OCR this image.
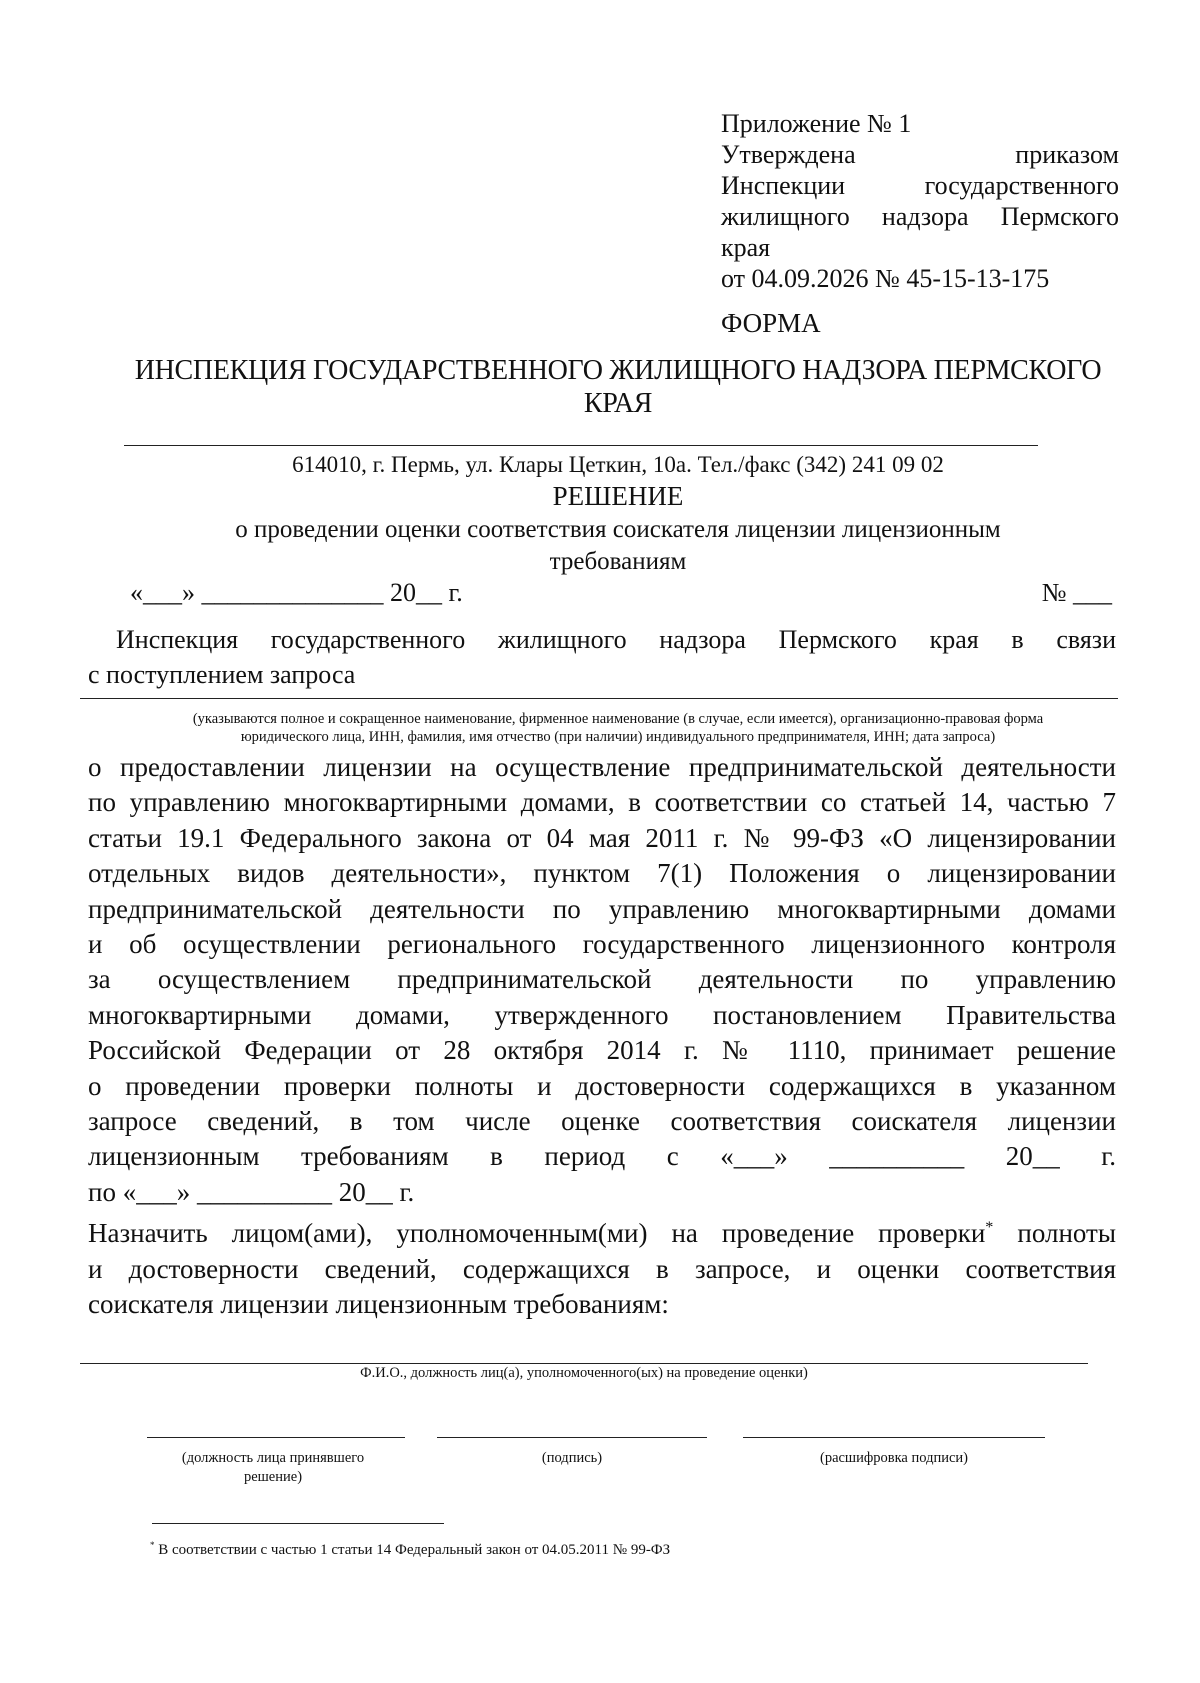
Приложение № 1
Утверждена приказом
Инспекции государственного
жилищного надзора Пермского
края
от 04.09.2026 № 45-15-13-175
ФОРМА
ИНСПЕКЦИЯ ГОСУДАРСТВЕННОГО ЖИЛИЩНОГО НАДЗОРА ПЕРМСКОГО
КРАЯ
614010, г. Пермь, ул. Клары Цеткин, 10а. Тел./факс (342) 241 09 02
РЕШЕНИЕ
о проведении оценки соответствия соискателя лицензии лицензионным
требованиям
«___» ______________ 20__ г.	№ ___
Инспекция государственного жилищного надзора Пермского края в связи
с поступлением запроса
(указываются полное и сокращенное наименование, фирменное наименование (в случае, если имеется), организационно-правовая форма
юридического лица, ИНН, фамилия, имя отчество (при наличии) индивидуального предпринимателя, ИНН; дата запроса)
о предоставлении лицензии на осуществление предпринимательской деятельности
по управлению многоквартирными домами, в соответствии со статьей 14, частью 7
статьи 19.1 Федерального закона от 04 мая 2011 г. № 99-ФЗ «О лицензировании
отдельных видов деятельности», пунктом 7(1) Положения о лицензировании
предпринимательской деятельности по управлению многоквартирными домами
и об осуществлении регионального государственного лицензионного контроля
за осуществлением предпринимательской деятельности по управлению
многоквартирными домами, утвержденного постановлением Правительства
Российской Федерации от 28 октября 2014 г. № 1110, принимает решение
о проведении проверки полноты и достоверности содержащихся в указанном
запросе сведений, в том числе оценке соответствия соискателя лицензии
лицензионным требованиям в период с «___» __________ 20__ г.
по «___» __________ 20__ г.
Назначить лицом(ами), уполномоченным(ми) на проведение проверки* полноты
и достоверности сведений, содержащихся в запросе, и оценки соответствия
соискателя лицензии лицензионным требованиям:
Ф.И.О., должность лиц(а), уполномоченного(ых) на проведение оценки)
(должность лица принявшего решение)
(подпись)	(расшифровка подписи)
* В соответствии с частью 1 статьи 14 Федеральный закон от 04.05.2011 № 99-ФЗ
